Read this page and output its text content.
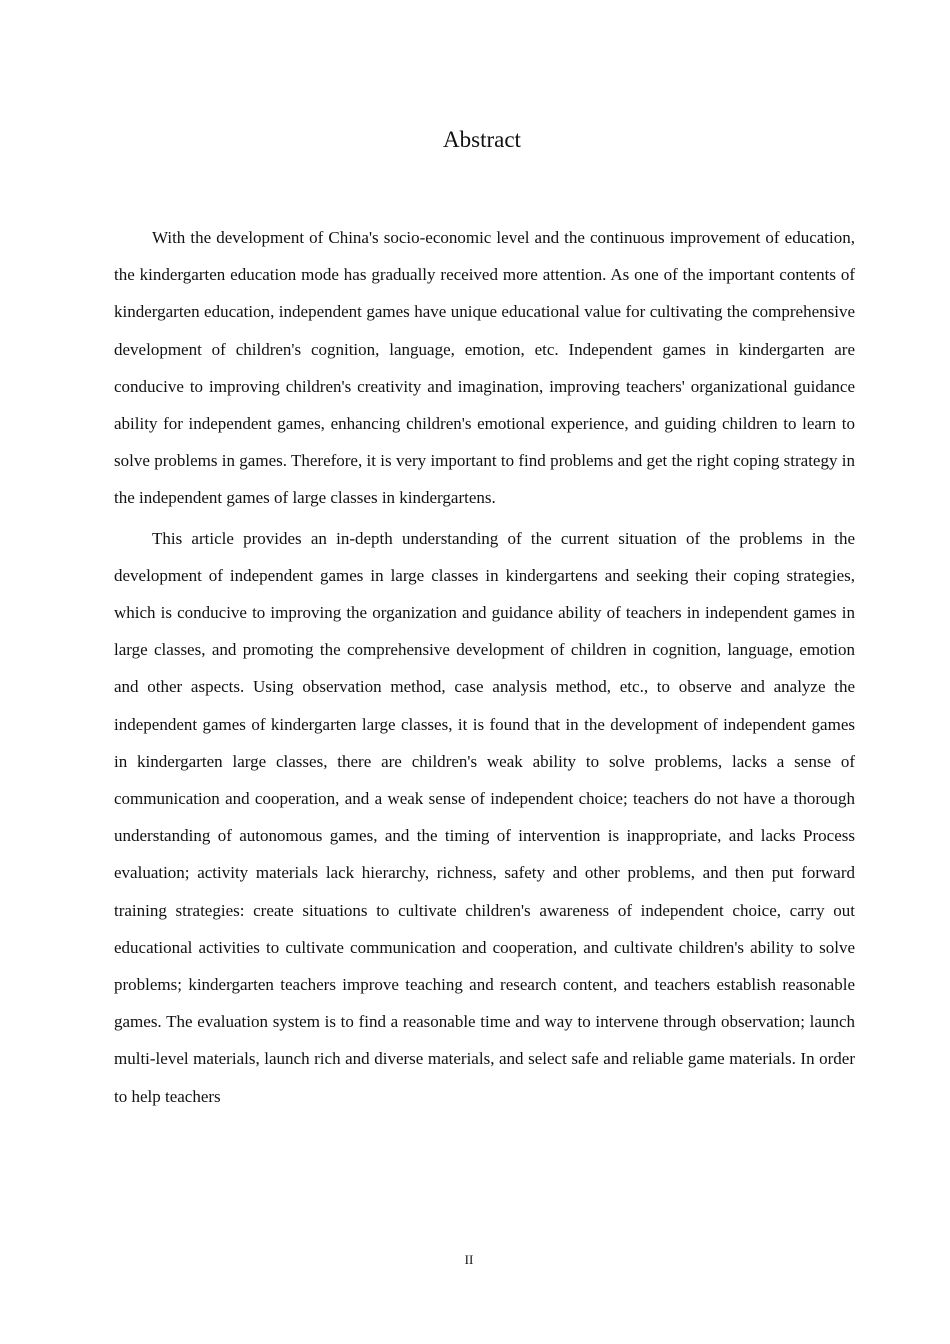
Abstract

With the development of China's socio-economic level and the continuous improvement of education, the kindergarten education mode has gradually received more attention. As one of the important contents of kindergarten education, independent games have unique educational value for cultivating the comprehensive development of children's cognition, language, emotion, etc. Independent games in kindergarten are conducive to improving children's creativity and imagination, improving teachers' organizational guidance ability for independent games, enhancing children's emotional experience, and guiding children to learn to solve problems in games. Therefore, it is very important to find problems and get the right coping strategy in the independent games of large classes in kindergartens.

This article provides an in-depth understanding of the current situation of the problems in the development of independent games in large classes in kindergartens and seeking their coping strategies, which is conducive to improving the organization and guidance ability of teachers in independent games in large classes, and promoting the comprehensive development of children in cognition, language, emotion and other aspects. Using observation method, case analysis method, etc., to observe and analyze the independent games of kindergarten large classes, it is found that in the development of independent games in kindergarten large classes, there are children's weak ability to solve problems, lacks a sense of communication and cooperation, and a weak sense of independent choice; teachers do not have a thorough understanding of autonomous games, and the timing of intervention is inappropriate, and lacks Process evaluation; activity materials lack hierarchy, richness, safety and other problems, and then put forward training strategies: create situations to cultivate children's awareness of independent choice, carry out educational activities to cultivate communication and cooperation, and cultivate children's ability to solve problems; kindergarten teachers improve teaching and research content, and teachers establish reasonable games. The evaluation system is to find a reasonable time and way to intervene through observation; launch multi-level materials, launch rich and diverse materials, and select safe and reliable game materials. In order to help teachers

II
